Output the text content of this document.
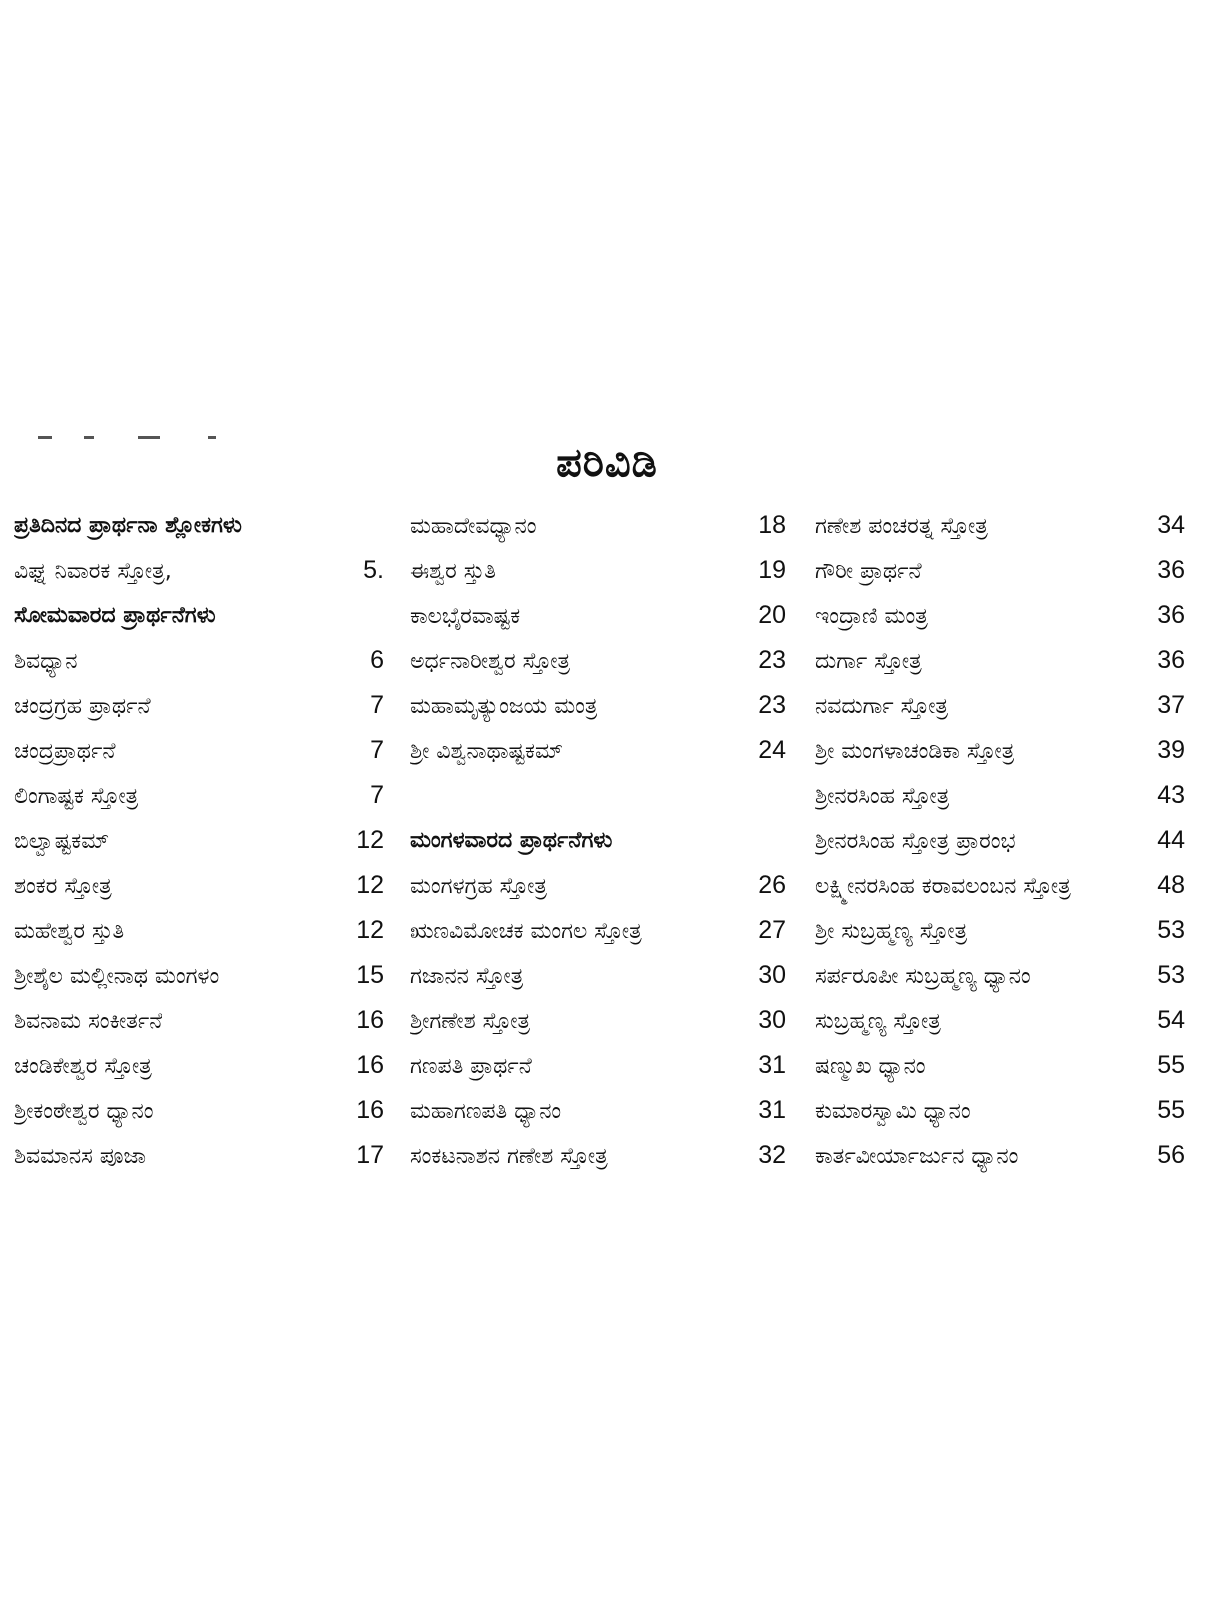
ಪರಿವಿಡಿ
ಪ್ರತಿದಿನದ ಪ್ರಾರ್ಥನಾ ಶ್ಲೋಕಗಳು
ವಿಘ್ನ ನಿವಾರಕ ಸ್ತೋತ್ರ,	5.
ಸೋಮವಾರದ ಪ್ರಾರ್ಥನೆಗಳು
ಶಿವಧ್ಯಾನ	6
ಚಂದ್ರಗ್ರಹ ಪ್ರಾರ್ಥನೆ	7
ಚಂದ್ರಪ್ರಾರ್ಥನೆ	7
ಲಿಂಗಾಷ್ಟಕ ಸ್ತೋತ್ರ	7
ಬಿಲ್ವಾಷ್ಟಕಮ್	12
ಶಂಕರ ಸ್ತೋತ್ರ	12
ಮಹೇಶ್ವರ ಸ್ತುತಿ	12
ಶ್ರೀಶೈಲ ಮಲ್ಲೀನಾಥ ಮಂಗಳಂ	15
ಶಿವನಾಮ ಸಂಕೀರ್ತನೆ	16
ಚಂಡಿಕೇಶ್ವರ ಸ್ತೋತ್ರ	16
ಶ್ರೀಕಂಠೇಶ್ವರ ಧ್ಯಾನಂ	16
ಶಿವಮಾನಸ ಪೂಜಾ	17
ಮಹಾದೇವಧ್ಯಾನಂ	18
ಈಶ್ವರ ಸ್ತುತಿ	19
ಕಾಲಭೈರವಾಷ್ಟಕ	20
ಅರ್ಧನಾರೀಶ್ವರ ಸ್ತೋತ್ರ	23
ಮಹಾಮೃತ್ಯುಂಜಯ ಮಂತ್ರ	23
ಶ್ರೀ ವಿಶ್ವನಾಥಾಷ್ಟಕಮ್	24
ಮಂಗಳವಾರದ ಪ್ರಾರ್ಥನೆಗಳು
ಮಂಗಳಗ್ರಹ ಸ್ತೋತ್ರ	26
ಋಣವಿಮೋಚಕ ಮಂಗಲ ಸ್ತೋತ್ರ	27
ಗಜಾನನ ಸ್ತೋತ್ರ	30
ಶ್ರೀಗಣೇಶ ಸ್ತೋತ್ರ	30
ಗಣಪತಿ ಪ್ರಾರ್ಥನೆ	31
ಮಹಾಗಣಪತಿ ಧ್ಯಾನಂ	31
ಸಂಕಟನಾಶನ ಗಣೇಶ ಸ್ತೋತ್ರ	32
ಗಣೇಶ ಪಂಚರತ್ನ ಸ್ತೋತ್ರ	34
ಗೌರೀ ಪ್ರಾರ್ಥನೆ	36
ಇಂದ್ರಾಣಿ ಮಂತ್ರ	36
ದುರ್ಗಾ ಸ್ತೋತ್ರ	36
ನವದುರ್ಗಾ ಸ್ತೋತ್ರ	37
ಶ್ರೀ ಮಂಗಳಾಚಂಡಿಕಾ ಸ್ತೋತ್ರ	39
ಶ್ರೀನರಸಿಂಹ ಸ್ತೋತ್ರ	43
ಶ್ರೀನರಸಿಂಹ ಸ್ತೋತ್ರ ಪ್ರಾರಂಭ	44
ಲಕ್ಷ್ಮೀನರಸಿಂಹ ಕರಾವಲಂಬನ ಸ್ತೋತ್ರ	48
ಶ್ರೀ ಸುಬ್ರಹ್ಮಣ್ಯ ಸ್ತೋತ್ರ	53
ಸರ್ಪರೂಪೀ ಸುಬ್ರಹ್ಮಣ್ಯ ಧ್ಯಾನಂ	53
ಸುಬ್ರಹ್ಮಣ್ಯ ಸ್ತೋತ್ರ	54
ಷಣ್ಮುಖ ಧ್ಯಾನಂ	55
ಕುಮಾರಸ್ವಾಮಿ ಧ್ಯಾನಂ	55
ಕಾರ್ತವೀರ್ಯಾರ್ಜುನ ಧ್ಯಾನಂ	56
